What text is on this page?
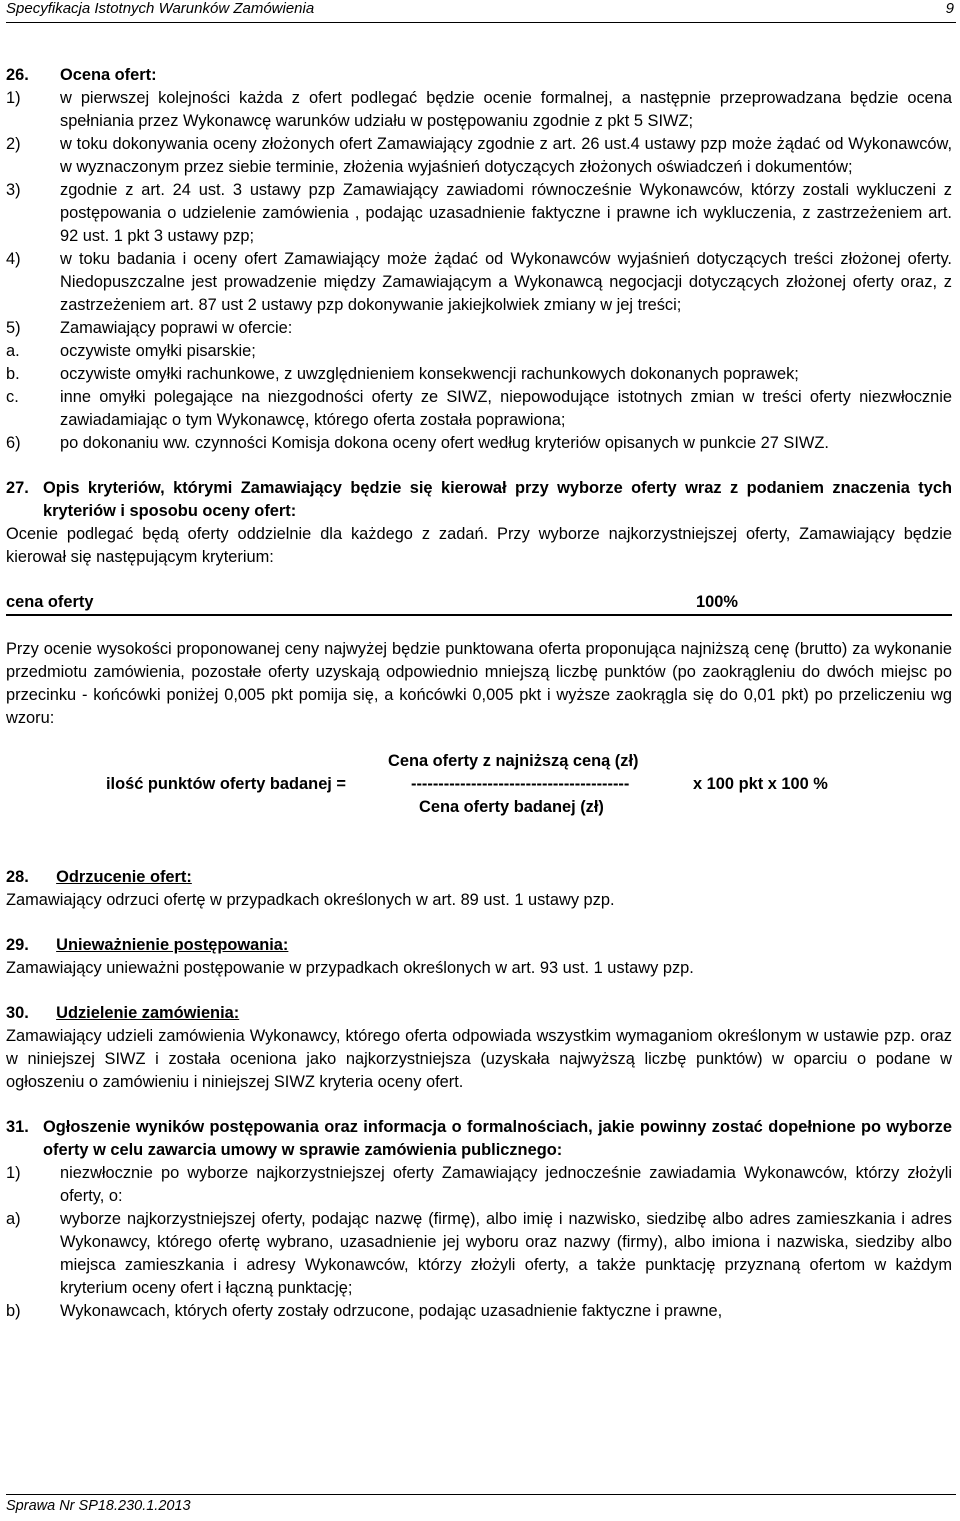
Specyfikacja Istotnych Warunków Zamówienia	9
26.	Ocena ofert:
1)	w pierwszej kolejności każda z ofert podlegać będzie ocenie formalnej, a następnie przeprowadzana będzie ocena spełniania przez Wykonawcę warunków udziału w postępowaniu zgodnie z pkt 5 SIWZ;
2)	w toku dokonywania oceny złożonych ofert Zamawiający zgodnie z art. 26 ust.4 ustawy pzp może żądać od Wykonawców, w wyznaczonym przez siebie terminie, złożenia wyjaśnień dotyczących złożonych oświadczeń i dokumentów;
3)	zgodnie z art. 24 ust. 3 ustawy pzp Zamawiający zawiadomi równocześnie Wykonawców, którzy zostali wykluczeni z postępowania o udzielenie zamówienia , podając uzasadnienie faktyczne i prawne ich wykluczenia, z zastrzeżeniem art. 92 ust. 1 pkt 3 ustawy pzp;
4)	w toku badania i oceny ofert Zamawiający może żądać od Wykonawców wyjaśnień dotyczących treści złożonej oferty. Niedopuszczalne jest prowadzenie między Zamawiającym a Wykonawcą negocjacji dotyczących złożonej oferty oraz, z zastrzeżeniem art. 87 ust 2 ustawy pzp dokonywanie jakiejkolwiek zmiany w jej treści;
5)	Zamawiający poprawi w ofercie:
a.	oczywiste omyłki pisarskie;
b.	oczywiste omyłki rachunkowe, z uwzględnieniem konsekwencji rachunkowych dokonanych poprawek;
c.	inne omyłki polegające na niezgodności oferty ze SIWZ, niepowodujące istotnych zmian w treści oferty niezwłocznie zawiadamiając o tym Wykonawcę, którego oferta została poprawiona;
6)	po dokonaniu ww. czynności Komisja dokona oceny ofert według kryteriów opisanych w punkcie 27 SIWZ.
27. Opis kryteriów, którymi Zamawiający będzie się kierował przy wyborze oferty wraz z podaniem znaczenia tych kryteriów i sposobu oceny ofert:
Ocenie podlegać będą oferty oddzielnie dla każdego z zadań. Przy wyborze najkorzystniejszej oferty, Zamawiający będzie kierował się następującym kryterium:
cena oferty	100%
Przy ocenie wysokości proponowanej ceny najwyżej będzie punktowana oferta proponująca najniższą cenę (brutto) za wykonanie przedmiotu zamówienia, pozostałe oferty uzyskają odpowiednio mniejszą liczbę punktów (po zaokrągleniu do dwóch miejsc po przecinku - końcówki poniżej 0,005 pkt pomija się, a końcówki 0,005 pkt i wyższe zaokrągla się do 0,01 pkt) po przeliczeniu wg wzoru:
Cena oferty z najniższą ceną (zł)
ilość punktów oferty badanej =	----------------------------------------	x 100 pkt x 100 %
Cena oferty badanej (zł)
28. Odrzucenie ofert:
Zamawiający odrzuci ofertę w przypadkach określonych w art. 89 ust. 1 ustawy pzp.
29. Unieważnienie postępowania:
Zamawiający unieważni postępowanie w przypadkach określonych w art. 93 ust. 1 ustawy pzp.
30. Udzielenie zamówienia:
Zamawiający udzieli zamówienia Wykonawcy, którego oferta odpowiada wszystkim wymaganiom określonym w ustawie pzp. oraz w niniejszej SIWZ i została oceniona jako najkorzystniejsza (uzyskała najwyższą liczbę punktów) w oparciu o podane w ogłoszeniu o zamówieniu i niniejszej SIWZ kryteria oceny ofert.
31. Ogłoszenie wyników postępowania oraz informacja o formalnościach, jakie powinny zostać dopełnione po wyborze oferty w celu zawarcia umowy w sprawie zamówienia publicznego:
1)	niezwłocznie po wyborze najkorzystniejszej oferty Zamawiający jednocześnie zawiadamia Wykonawców, którzy złożyli oferty, o:
a)	wyborze najkorzystniejszej oferty, podając nazwę (firmę), albo imię i nazwisko, siedzibę albo adres zamieszkania i adres Wykonawcy, którego ofertę wybrano, uzasadnienie jej wyboru oraz nazwy (firmy), albo imiona i nazwiska, siedziby albo miejsca zamieszkania i adresy Wykonawców, którzy złożyli oferty, a także punktację przyznaną ofertom w każdym kryterium oceny ofert i łączną punktację;
b)	Wykonawcach, których oferty zostały odrzucone, podając uzasadnienie faktyczne i prawne,
Sprawa Nr SP18.230.1.2013
